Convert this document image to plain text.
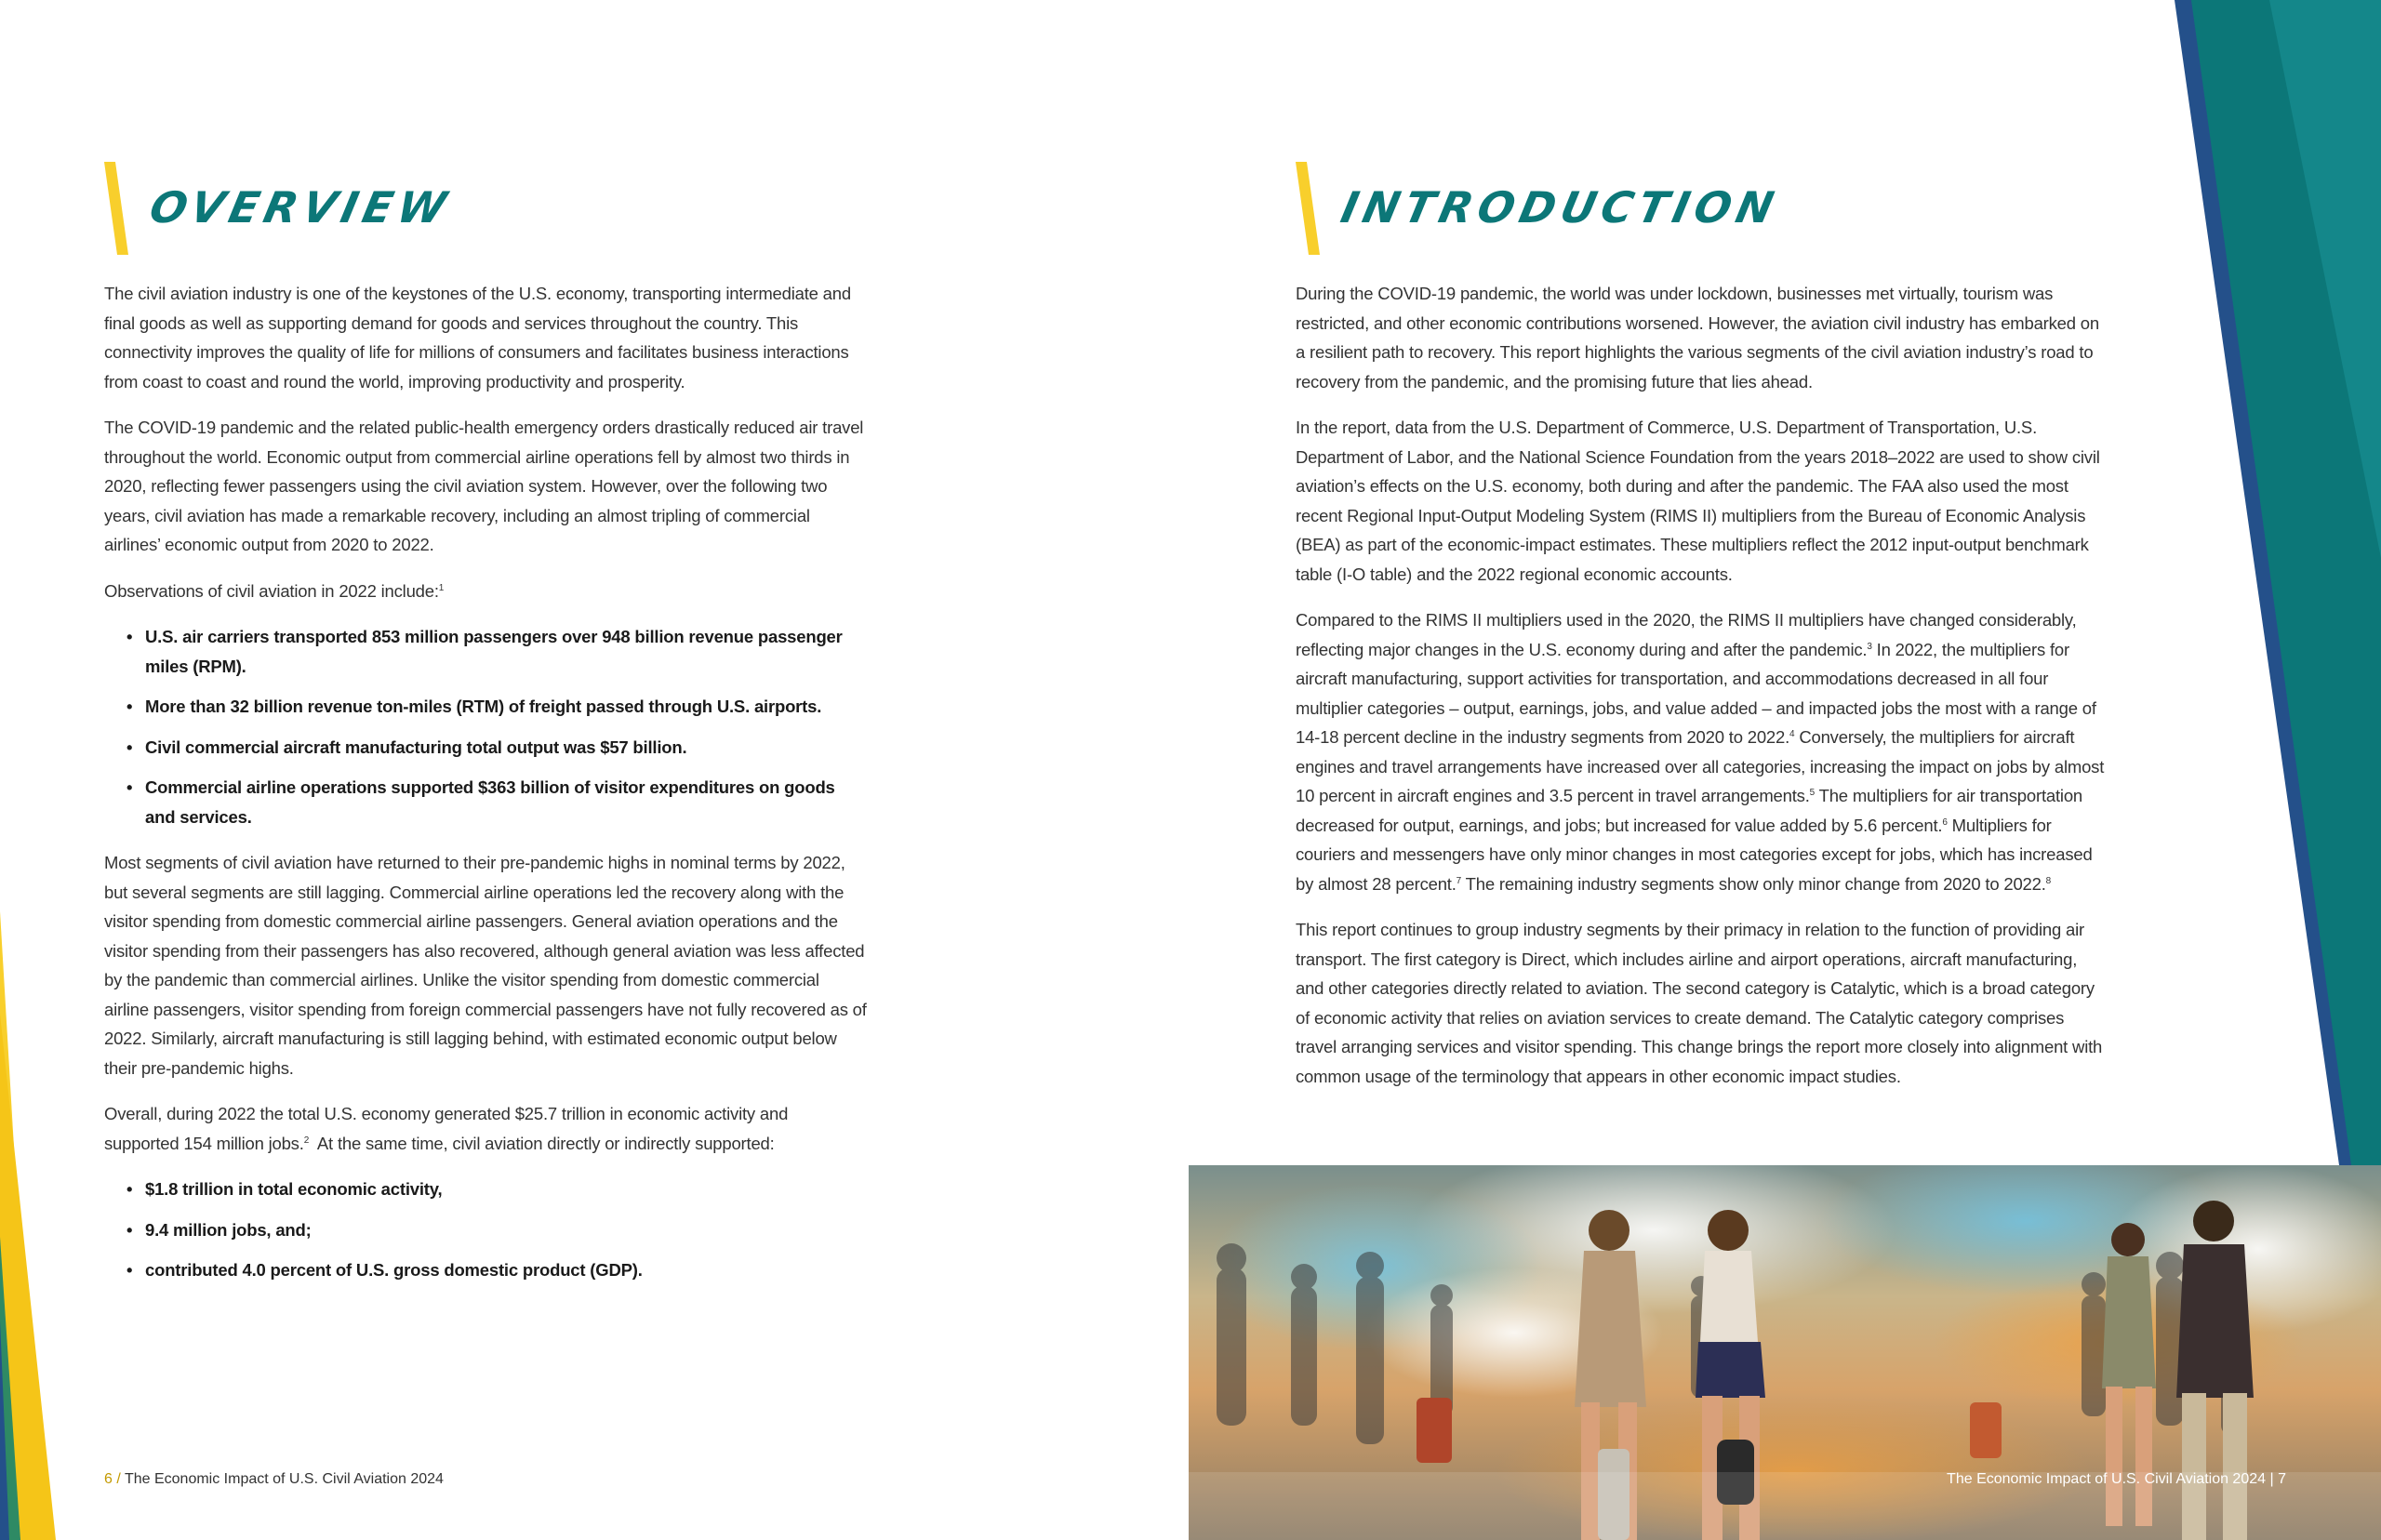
OVERVIEW

The civil aviation industry is one of the keystones of the U.S. economy, transporting intermediate and final goods as well as supporting demand for goods and services throughout the country. This connectivity improves the quality of life for millions of consumers and facilitates business interactions from coast to coast and round the world, improving productivity and prosperity.

The COVID-19 pandemic and the related public-health emergency orders drastically reduced air travel throughout the world. Economic output from commercial airline operations fell by almost two thirds in 2020, reflecting fewer passengers using the civil aviation system. However, over the following two years, civil aviation has made a remarkable recovery, including an almost tripling of commercial airlines’ economic output from 2020 to 2022.

Observations of civil aviation in 2022 include:$^1$

• U.S. air carriers transported 853 million passengers over 948 billion revenue passenger miles (RPM).
• More than 32 billion revenue ton-miles (RTM) of freight passed through U.S. airports.
• Civil commercial aircraft manufacturing total output was $57 billion.
• Commercial airline operations supported $363 billion of visitor expenditures on goods and services.

Most segments of civil aviation have returned to their pre-pandemic highs in nominal terms by 2022, but several segments are still lagging. Commercial airline operations led the recovery along with the visitor spending from domestic commercial airline passengers. General aviation operations and the visitor spending from their passengers has also recovered, although general aviation was less affected by the pandemic than commercial airlines. Unlike the visitor spending from domestic commercial airline passengers, visitor spending from foreign commercial passengers have not fully recovered as of 2022. Similarly, aircraft manufacturing is still lagging behind, with estimated economic output below their pre-pandemic highs.

Overall, during 2022 the total U.S. economy generated $25.7 trillion in economic activity and supported 154 million jobs.$^2$ At the same time, civil aviation directly or indirectly supported:

• $1.8 trillion in total economic activity,
• 9.4 million jobs, and;
• contributed 4.0 percent of U.S. gross domestic product (GDP).
INTRODUCTION

During the COVID-19 pandemic, the world was under lockdown, businesses met virtually, tourism was restricted, and other economic contributions worsened. However, the aviation civil industry has embarked on a resilient path to recovery. This report highlights the various segments of the civil aviation industry’s road to recovery from the pandemic, and the promising future that lies ahead.

In the report, data from the U.S. Department of Commerce, U.S. Department of Transportation, U.S. Department of Labor, and the National Science Foundation from the years 2018–2022 are used to show civil aviation’s effects on the U.S. economy, both during and after the pandemic. The FAA also used the most recent Regional Input-Output Modeling System (RIMS II) multipliers from the Bureau of Economic Analysis (BEA) as part of the economic-impact estimates. These multipliers reflect the 2012 input-output benchmark table (I-O table) and the 2022 regional economic accounts.

Compared to the RIMS II multipliers used in the 2020, the RIMS II multipliers have changed considerably, reflecting major changes in the U.S. economy during and after the pandemic.$^3$ In 2022, the multipliers for aircraft manufacturing, support activities for transportation, and accommodations decreased in all four multiplier categories – output, earnings, jobs, and value added – and impacted jobs the most with a range of 14-18 percent decline in the industry segments from 2020 to 2022.$^4$ Conversely, the multipliers for aircraft engines and travel arrangements have increased over all categories, increasing the impact on jobs by almost 10 percent in aircraft engines and 3.5 percent in travel arrangements.$^5$ The multipliers for air transportation decreased for output, earnings, and jobs; but increased for value added by 5.6 percent.$^6$ Multipliers for couriers and messengers have only minor changes in most categories except for jobs, which has increased by almost 28 percent.$^7$ The remaining industry segments show only minor change from 2020 to 2022.$^8$

This report continues to group industry segments by their primacy in relation to the function of providing air transport. The first category is Direct, which includes airline and airport operations, aircraft manufacturing, and other categories directly related to aviation. The second category is Catalytic, which is a broad category of economic activity that relies on aviation services to create demand. The Catalytic category comprises travel arranging services and visitor spending. This change brings the report more closely into alignment with common usage of the terminology that appears in other economic impact studies.

6 / The Economic Impact of U.S. Civil Aviation 2024	The Economic Impact of U.S. Civil Aviation 2024 | 7
